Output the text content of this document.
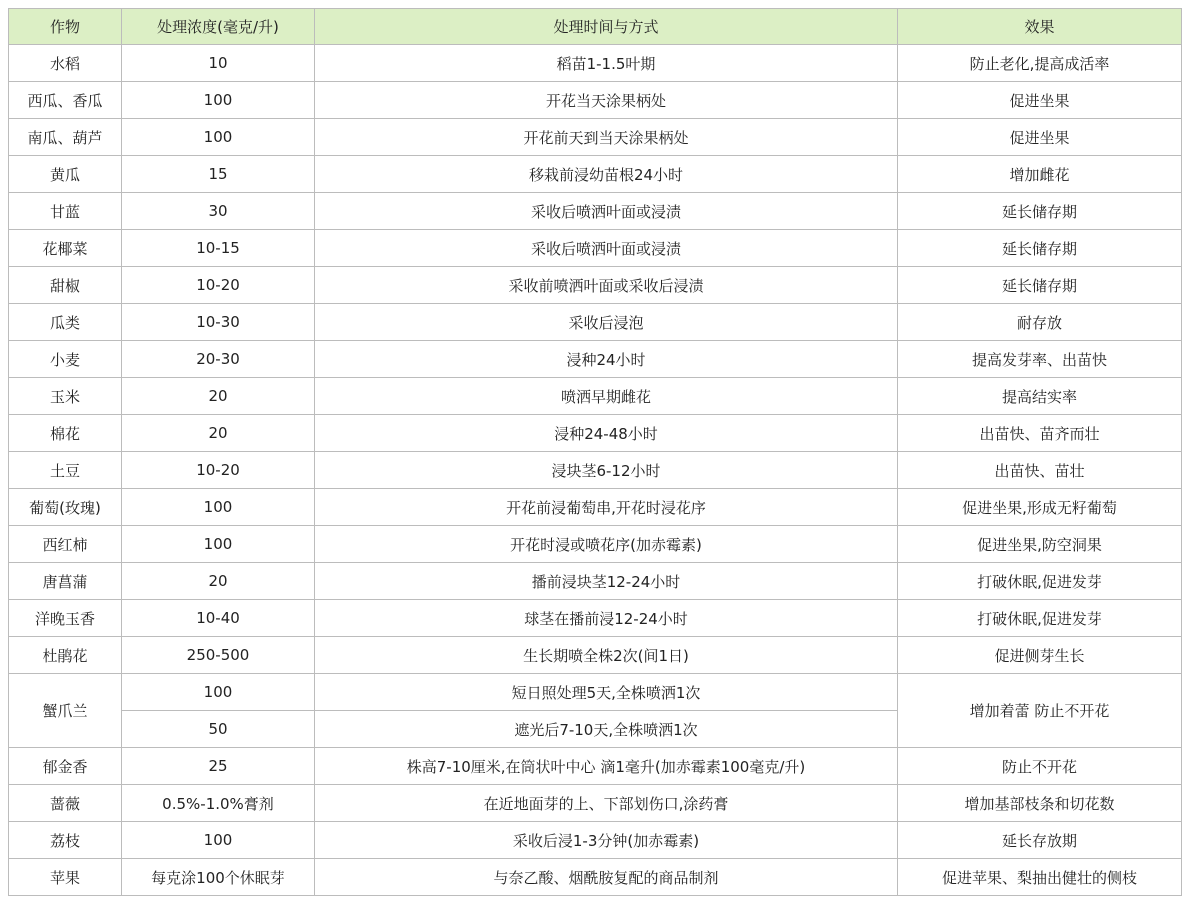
作物	处理浓度(毫克/升)	处理时间与方式	效果
水稻	10	稻苗1-1.5叶期	防止老化,提高成活率
西瓜、香瓜	100	开花当天涂果柄处	促进坐果
南瓜、葫芦	100	开花前天到当天涂果柄处	促进坐果
黄瓜	15	移栽前浸幼苗根24小时	增加雌花
甘蓝	30	采收后喷洒叶面或浸渍	延长储存期
花椰菜	10-15	采收后喷洒叶面或浸渍	延长储存期
甜椒	10-20	采收前喷洒叶面或采收后浸渍	延长储存期
瓜类	10-30	采收后浸泡	耐存放
小麦	20-30	浸种24小时	提高发芽率、出苗快
玉米	20	喷洒早期雌花	提高结实率
棉花	20	浸种24-48小时	出苗快、苗齐而壮
土豆	10-20	浸块茎6-12小时	出苗快、苗壮
葡萄(玫瑰)	100	开花前浸葡萄串,开花时浸花序	促进坐果,形成无籽葡萄
西红柿	100	开花时浸或喷花序(加赤霉素)	促进坐果,防空洞果
唐菖蒲	20	播前浸块茎12-24小时	打破休眠,促进发芽
洋晚玉香	10-40	球茎在播前浸12-24小时	打破休眠,促进发芽
杜鹃花	250-500	生长期喷全株2次(间1日)	促进侧芽生长
蟹爪兰	100	短日照处理5天,全株喷洒1次	增加着蕾 防止不开花
	50	遮光后7-10天,全株喷洒1次	
郁金香	25	株高7-10厘米,在筒状叶中心 滴1毫升(加赤霉素100毫克/升)	防止不开花
蔷薇	0.5%-1.0%膏剂	在近地面芽的上、下部划伤口,涂药膏	增加基部枝条和切花数
荔枝	100	采收后浸1-3分钟(加赤霉素)	延长存放期
苹果	每克涂100个休眠芽	与奈乙酸、烟酰胺复配的商品制剂	促进苹果、梨抽出健壮的侧枝
